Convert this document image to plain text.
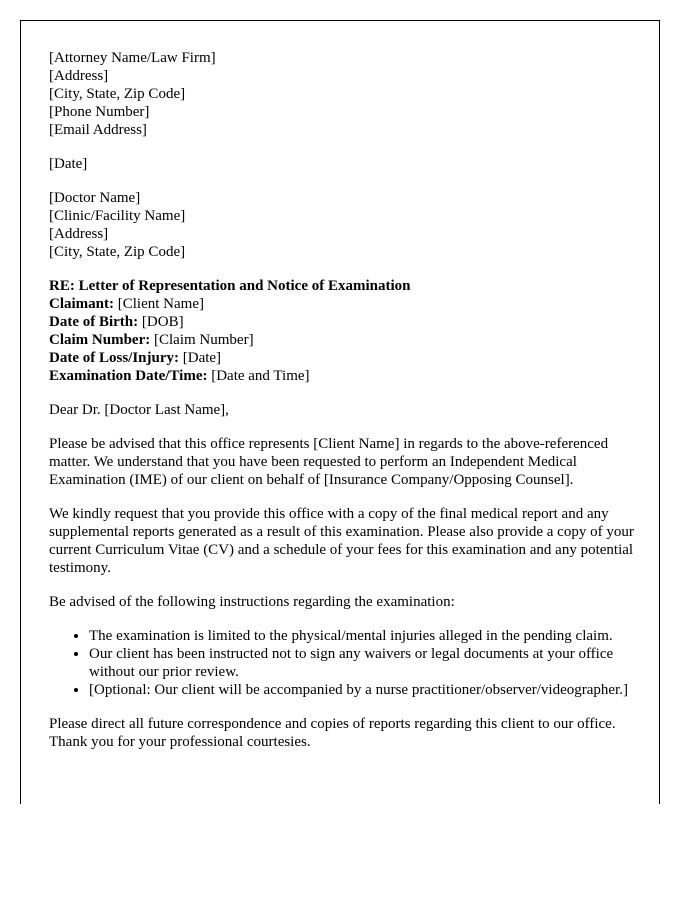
[Attorney Name/Law Firm]
[Address]
[City, State, Zip Code]
[Phone Number]
[Email Address]
[Date]
[Doctor Name]
[Clinic/Facility Name]
[Address]
[City, State, Zip Code]
RE: Letter of Representation and Notice of Examination
Claimant: [Client Name]
Date of Birth: [DOB]
Claim Number: [Claim Number]
Date of Loss/Injury: [Date]
Examination Date/Time: [Date and Time]

Dear Dr. [Doctor Last Name],

Please be advised that this office represents [Client Name] in regards to the above-referenced matter. We understand that you have been requested to perform an Independent Medical Examination (IME) of our client on behalf of [Insurance Company/Opposing Counsel].

We kindly request that you provide this office with a copy of the final medical report and any supplemental reports generated as a result of this examination. Please also provide a copy of your current Curriculum Vitae (CV) and a schedule of your fees for this examination and any potential testimony.

Be advised of the following instructions regarding the examination:

• The examination is limited to the physical/mental injuries alleged in the pending claim.
• Our client has been instructed not to sign any waivers or legal documents at your office without our prior review.
• [Optional: Our client will be accompanied by a nurse practitioner/observer/videographer.]

Please direct all future correspondence and copies of reports regarding this client to our office. Thank you for your professional courtesies.
